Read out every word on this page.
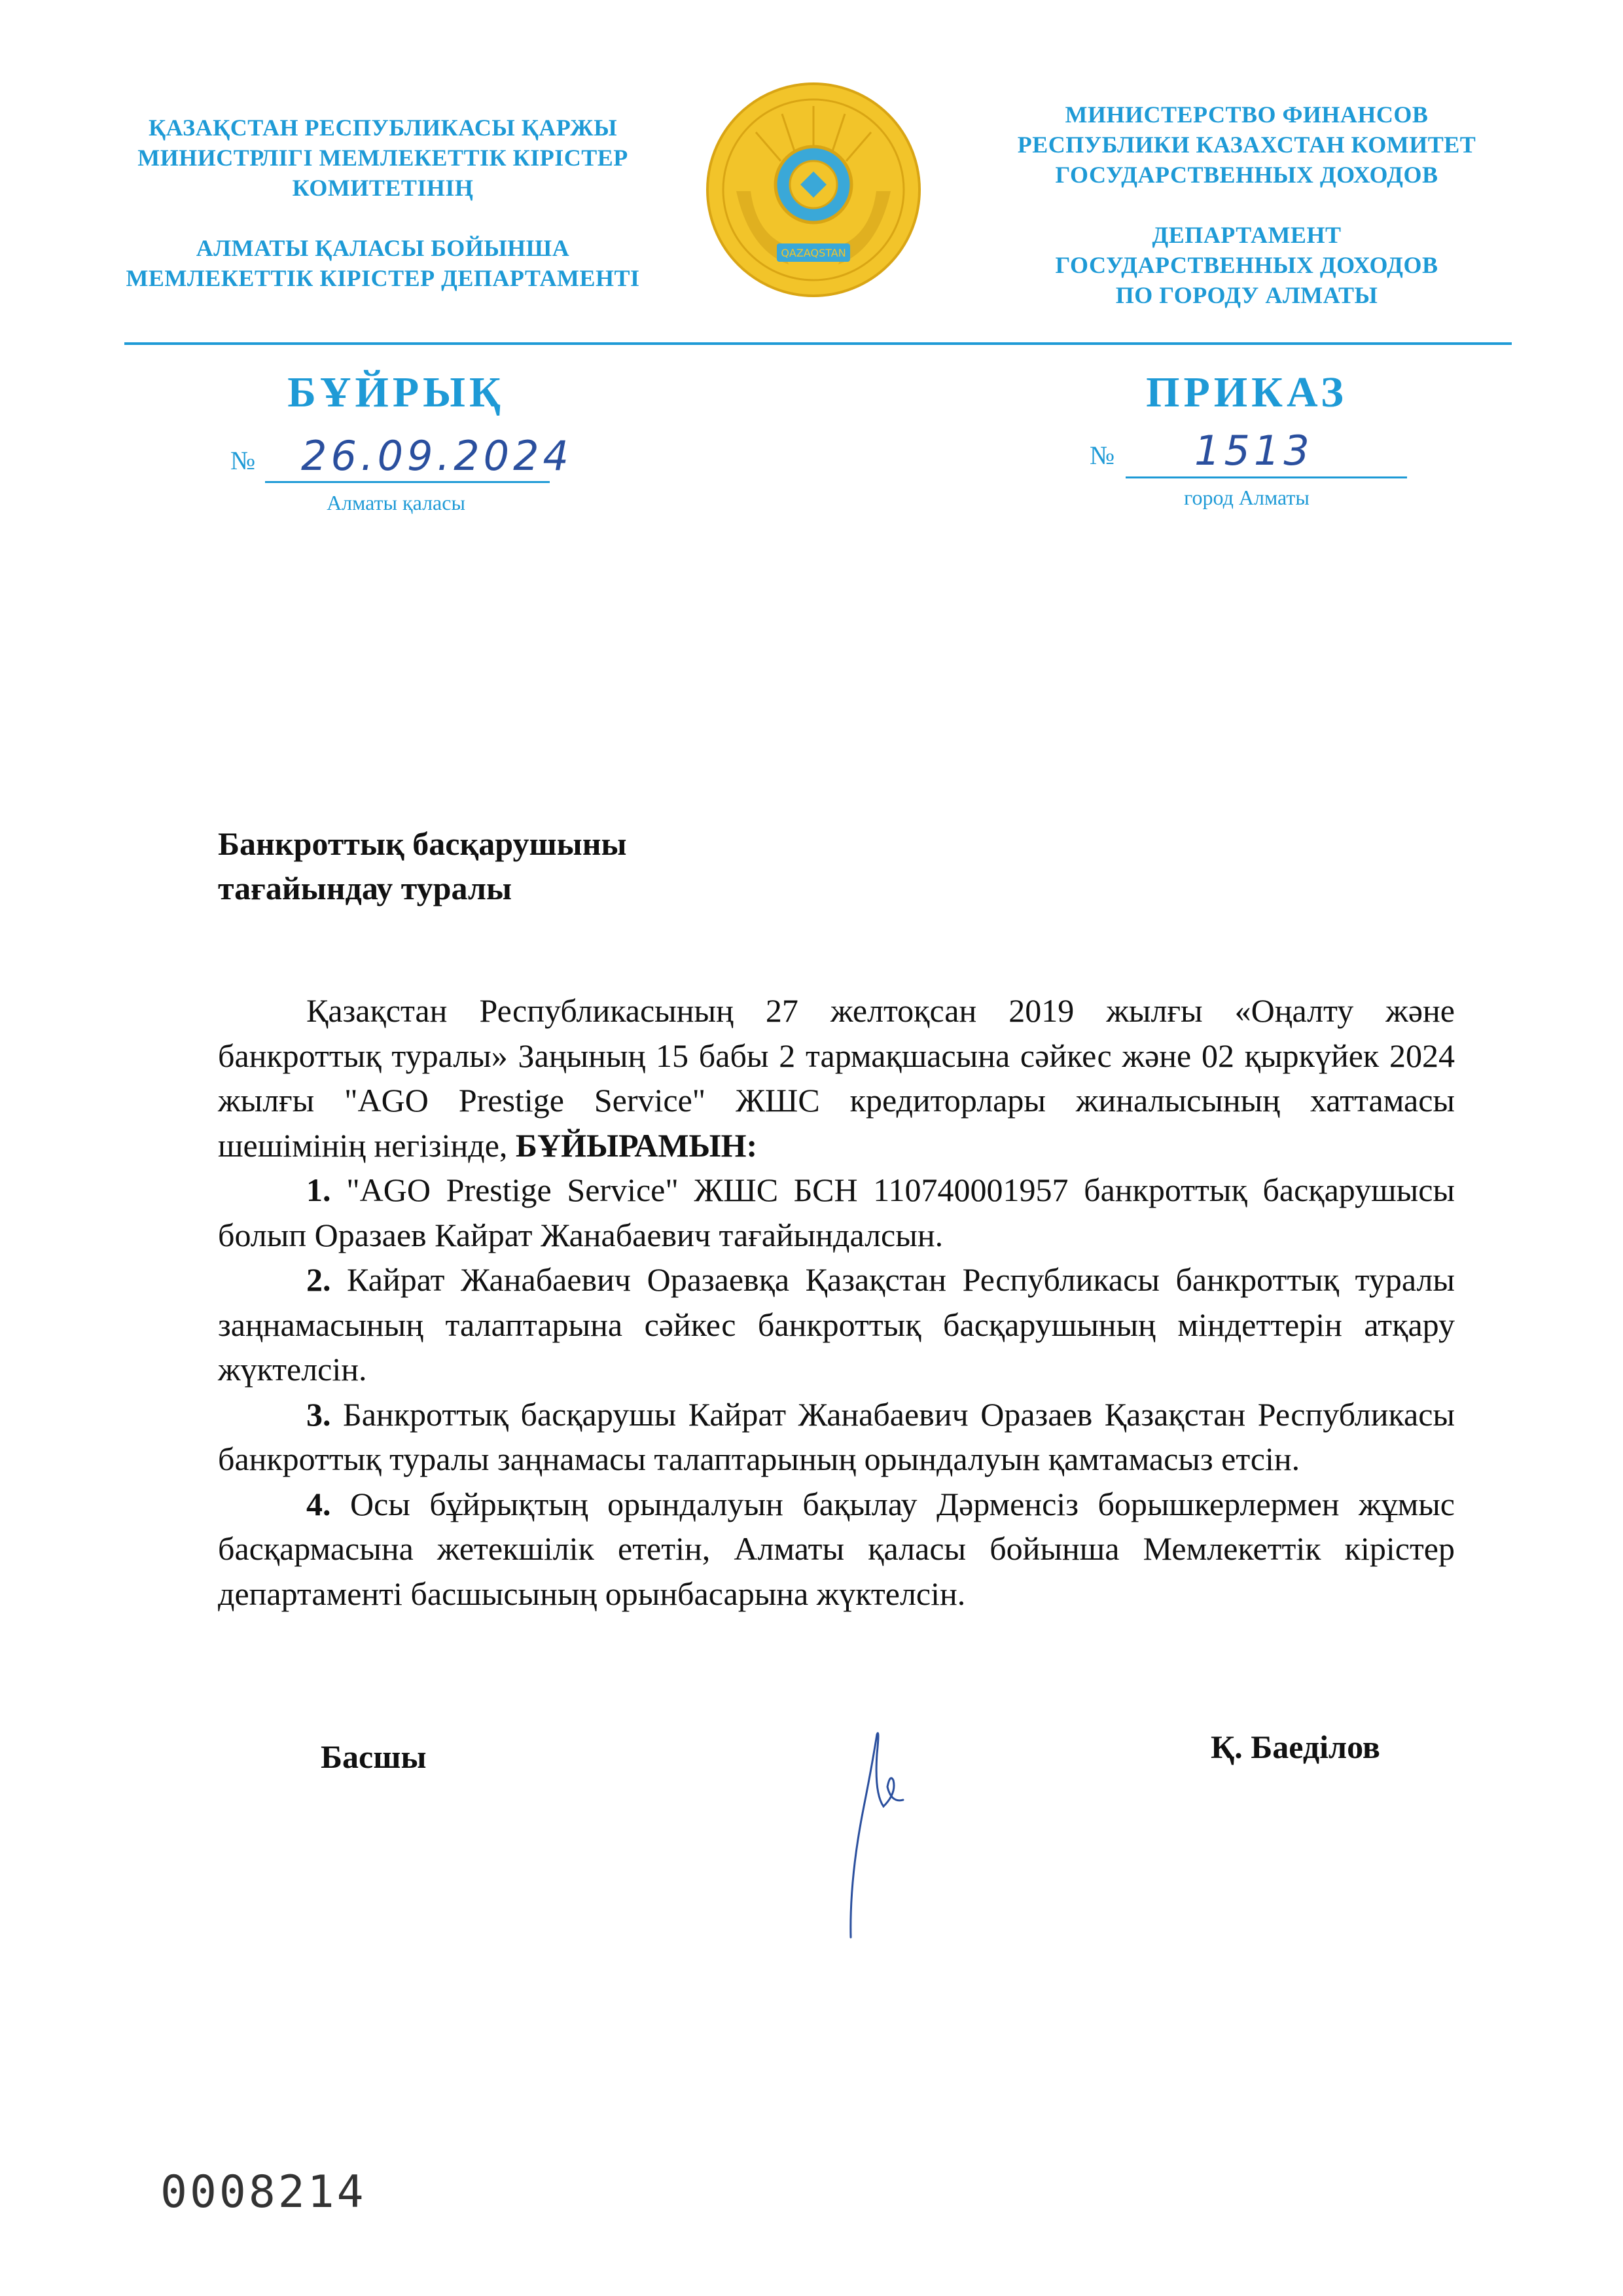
ҚАЗАҚСТАН РЕСПУБЛИКАСЫ ҚАРЖЫ
МИНИСТРЛІГІ МЕМЛЕКЕТТІК КІРІСТЕР
КОМИТЕТІНІҢ
АЛМАТЫ ҚАЛАСЫ БОЙЫНША
МЕМЛЕКЕТТІК КІРІСТЕР ДЕПАРТАМЕНТІ
QAZAQSTAN
МИНИСТЕРСТВО ФИНАНСОВ
РЕСПУБЛИКИ КАЗАХСТАН КОМИТЕТ
ГОСУДАРСТВЕННЫХ ДОХОДОВ
ДЕПАРТАМЕНТ
ГОСУДАРСТВЕННЫХ ДОХОДОВ
ПО ГОРОДУ АЛМАТЫ
БҰЙРЫҚ
№ 26.09.2024
Алматы қаласы
ПРИКАЗ
№ 1513
город Алматы
Банкроттық басқарушыны
тағайындау туралы

Қазақстан Республикасының 27 желтоқсан 2019 жылғы «Оңалту және банкроттық туралы» Заңының 15 бабы 2 тармақшасына сәйкес және 02 қыркүйек 2024 жылғы "AGO Prestige Service" ЖШС кредиторлары жиналысының хаттамасы шешімінің негізінде, БҰЙЫРАМЫН:

1. "AGO Prestige Service" ЖШС БСН 110740001957 банкроттық басқарушысы болып Оразаев Кайрат Жанабаевич тағайындалсын.

2. Кайрат Жанабаевич Оразаевқа Қазақстан Республикасы банкроттық туралы заңнамасының талаптарына сәйкес банкроттық басқарушының міндеттерін атқару жүктелсін.

3. Банкроттық басқарушы Кайрат Жанабаевич Оразаев Қазақстан Республикасы банкроттық туралы заңнамасы талаптарының орындалуын қамтамасыз етсін.

4. Осы бұйрықтың орындалуын бақылау Дәрменсіз борышкерлермен жұмыс басқармасына жетекшілік ететін, Алматы қаласы бойынша Мемлекеттік кірістер департаменті басшысының орынбасарына жүктелсін.

Басшы	Қ. Баеділов
0008214
